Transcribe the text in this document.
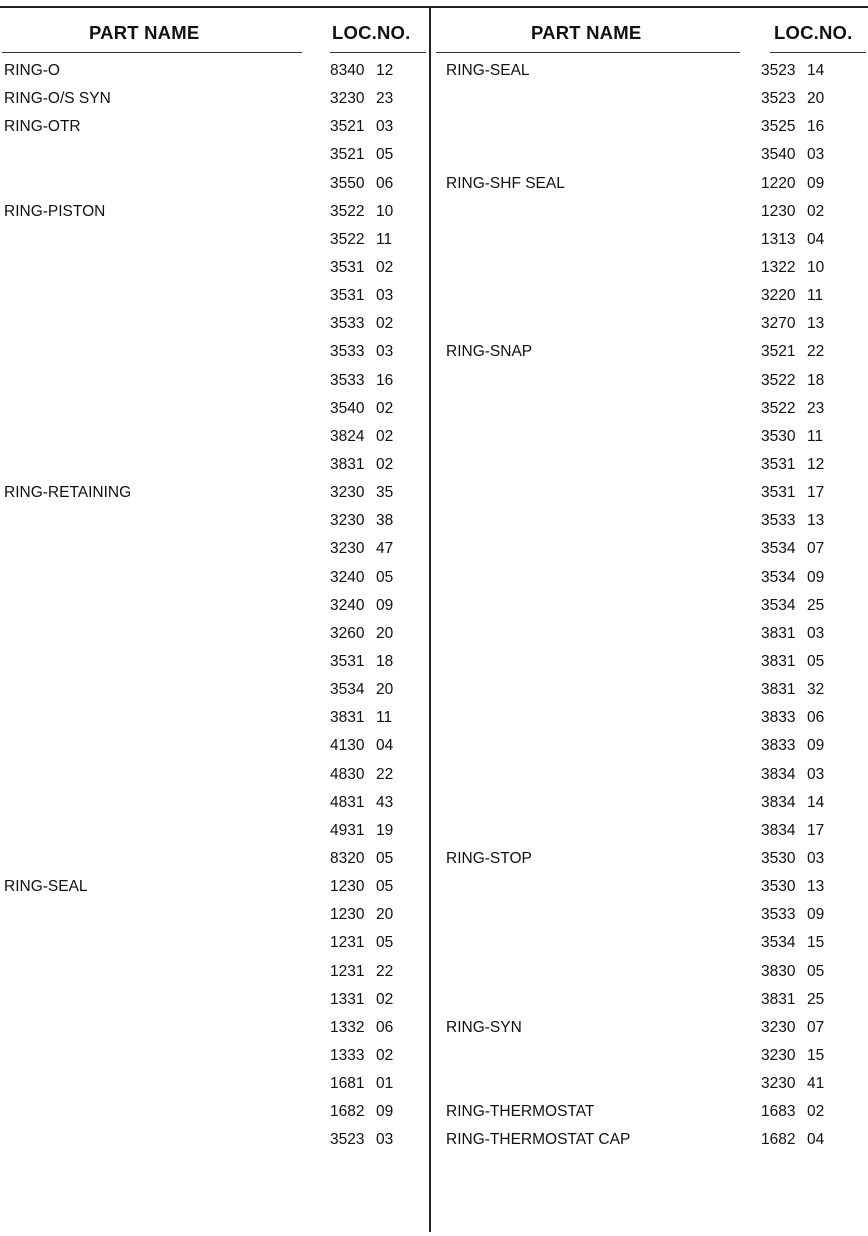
PART NAME	LOC.NO.
RING-O	8340 12
RING-O/S SYN	3230 23
RING-OTR	3521 03
3521 05
3550 06
RING-PISTON	3522 10
3522 11
3531 02
3531 03
3533 02
3533 03
3533 16
3540 02
3824 02
3831 02
RING-RETAINING	3230 35
3230 38
3230 47
3240 05
3240 09
3260 20
3531 18
3534 20
3831 11
4130 04
4830 22
4831 43
4931 19
8320 05
RING-SEAL	1230 05
1230 20
1231 05
1231 22
1331 02
1332 06
1333 02
1681 01
1682 09
3523 03
PART NAME	LOC.NO.
RING-SEAL	3523 14
3523 20
3525 16
3540 03
RING-SHF SEAL	1220 09
1230 02
1313 04
1322 10
3220 11
3270 13
RING-SNAP	3521 22
3522 18
3522 23
3530 11
3531 12
3531 17
3533 13
3534 07
3534 09
3534 25
3831 03
3831 05
3831 32
3833 06
3833 09
3834 03
3834 14
3834 17
RING-STOP	3530 03
3530 13
3533 09
3534 15
3830 05
3831 25
RING-SYN	3230 07
3230 15
3230 41
RING-THERMOSTAT	1683 02
RING-THERMOSTAT CAP	1682 04
